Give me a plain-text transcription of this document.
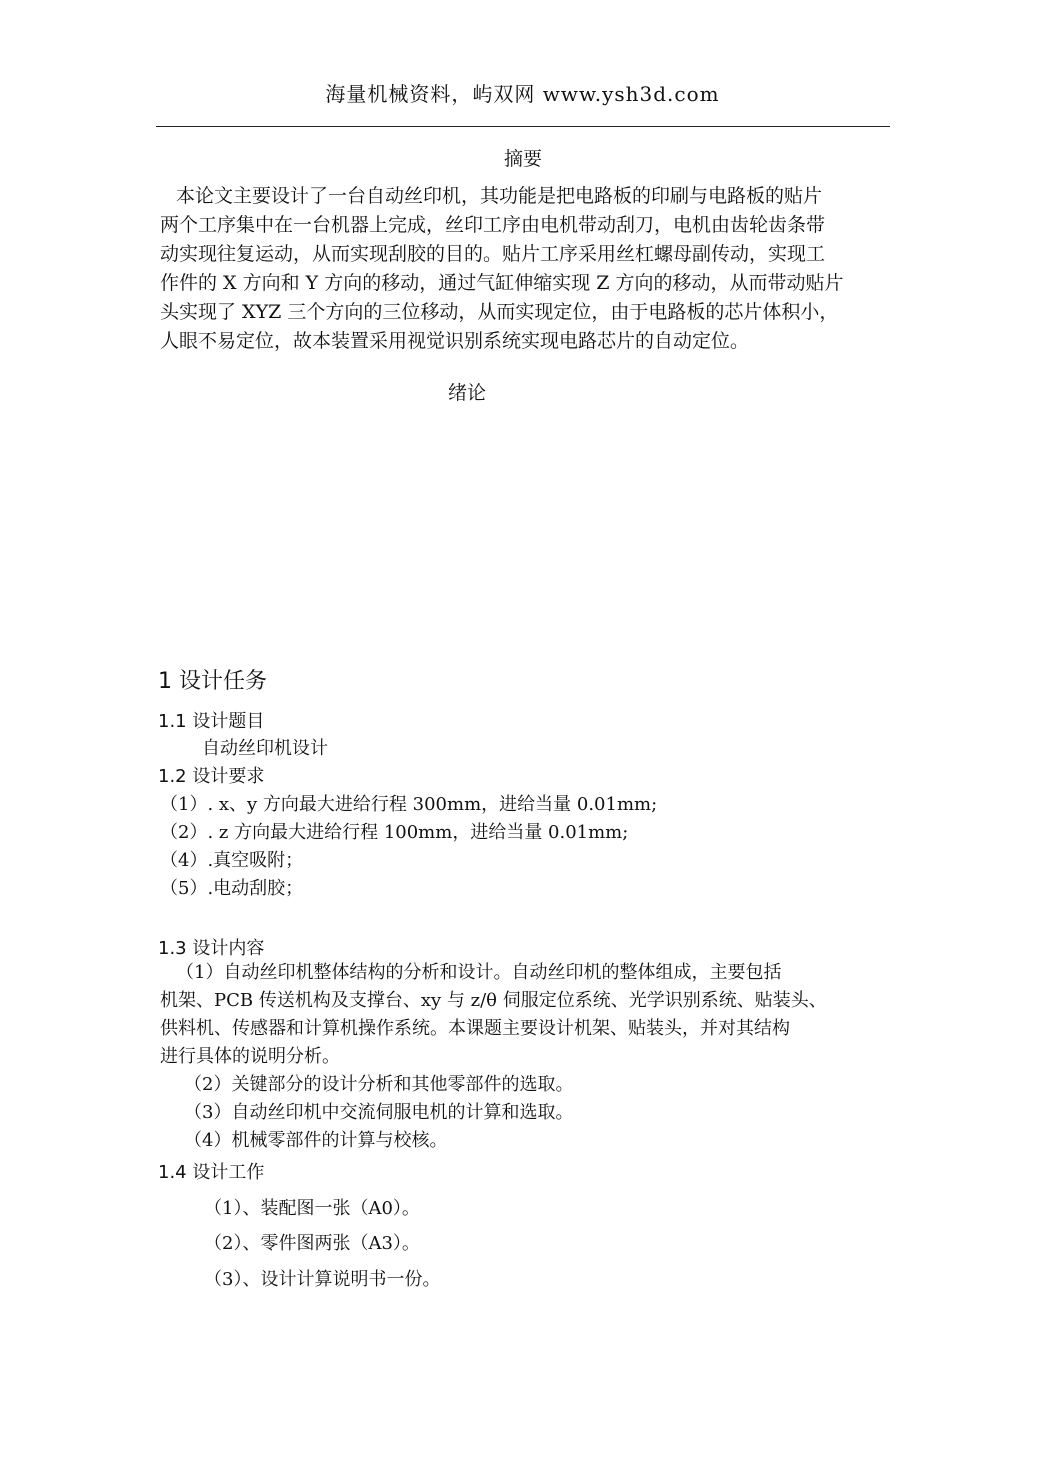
海量机械资料，屿双网 www.ysh3d.com
摘要

本论文主要设计了一台自动丝印机，其功能是把电路板的印刷与电路板的贴片

两个工序集中在一台机器上完成，丝印工序由电机带动刮刀，电机由齿轮齿条带

动实现往复运动，从而实现刮胶的目的。贴片工序采用丝杠螺母副传动，实现工

作件的 X 方向和 Y 方向的移动，通过气缸伸缩实现 Z 方向的移动，从而带动贴片

头实现了 XYZ 三个方向的三位移动，从而实现定位，由于电路板的芯片体积小，

人眼不易定位，故本装置采用视觉识别系统实现电路芯片的自动定位。

绪论
1 设计任务
1.1 设计题目
自动丝印机设计
1.2 设计要求
（1）. x、y 方向最大进给行程 300mm，进给当量 0.01mm;
（2）. z 方向最大进给行程 100mm，进给当量 0.01mm;
（4）.真空吸附；
（5）.电动刮胶；
1.3 设计内容

（1）自动丝印机整体结构的分析和设计。自动丝印机的整体组成，主要包括

机架、PCB 传送机构及支撑台、xy 与 z/θ 伺服定位系统、光学识别系统、贴装头、

供料机、传感器和计算机操作系统。本课题主要设计机架、贴装头，并对其结构

进行具体的说明分析。

（2）关键部分的设计分析和其他零部件的选取。

（3）自动丝印机中交流伺服电机的计算和选取。

（4）机械零部件的计算与校核。

1.4 设计工作
（1）、装配图一张（A0）。
（2）、零件图两张（A3）。
（3）、设计计算说明书一份。
